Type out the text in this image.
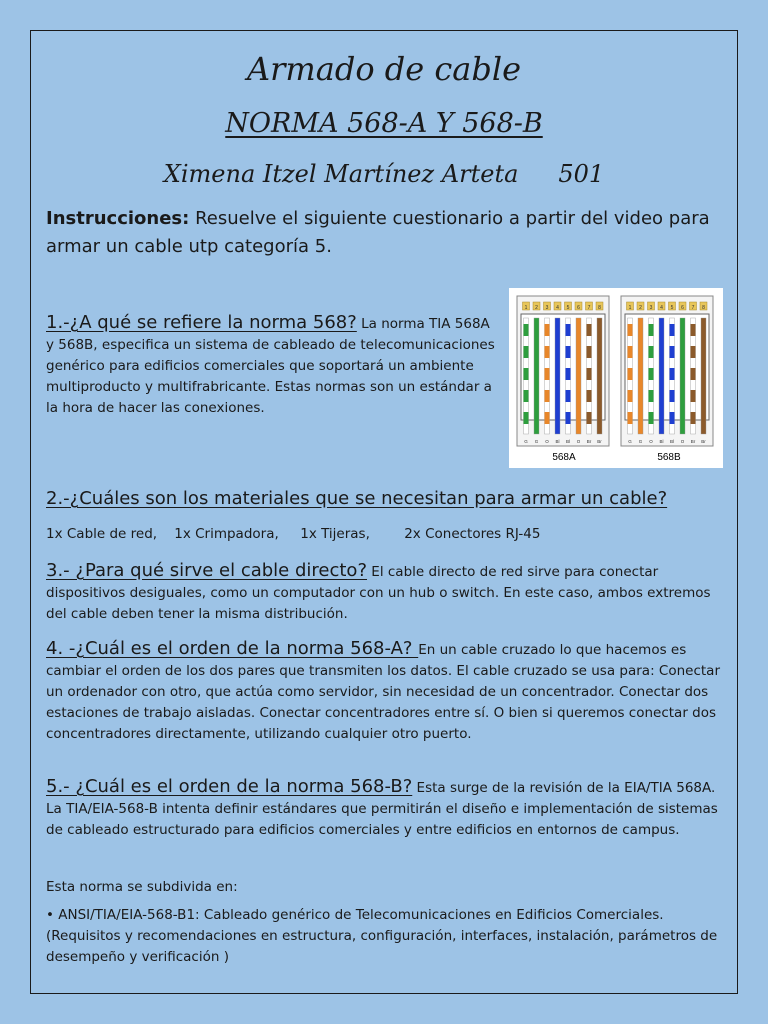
Armado de cable
NORMA 568-A Y 568-B
Ximena Itzel Martínez Arteta 501
Instrucciones: Resuelve el siguiente cuestionario a partir del video para armar un cable utp categoría 5.
1.-¿A qué se refiere la norma 568? La norma TIA 568A y 568B, especifica un sistema de cableado de telecomunicaciones genérico para edificios comerciales que soportará un ambiente multiproducto y multifrabricante. Estas normas son un estándar a la hora de hacer las conexiones.
1
G
2
G
3
O
4
Bl
5
Bl
6
O
7
Br
8
Br
1
G
2
G
3
O
4
Bl
5
Bl
6
O
7
Br
8
Br
568A	568B
2.-¿Cuáles son los materiales que se necesitan para armar un cable?
1x Cable de red,    1x Crimpadora,     1x Tijeras,        2x Conectores RJ-45
3.- ¿Para qué sirve el cable directo? El cable directo de red sirve para conectar dispositivos desiguales, como un computador con un hub o switch. En este caso, ambos extremos del cable deben tener la misma distribución.
4. -¿Cuál es el orden de la norma 568-A? En un cable cruzado lo que hacemos es cambiar el orden de los dos pares que transmiten los datos. El cable cruzado se usa para: Conectar un ordenador con otro, que actúa como servidor, sin necesidad de un concentrador. Conectar dos estaciones de trabajo aisladas. Conectar concentradores entre sí. O bien si queremos conectar dos concentradores directamente, utilizando cualquier otro puerto.
5.- ¿Cuál es el orden de la norma 568-B? Esta surge de la revisión de la EIA/TIA 568A. La TIA/EIA-568-B intenta definir estándares que permitirán el diseño e implementación de sistemas de cableado estructurado para edificios comerciales y entre edificios en entornos de campus.
Esta norma se subdivida en:
• ANSI/TIA/EIA-568-B1: Cableado genérico de Telecomunicaciones en Edificios Comerciales. (Requisitos y recomendaciones en estructura, configuración, interfaces, instalación, parámetros de desempeño y verificación )
